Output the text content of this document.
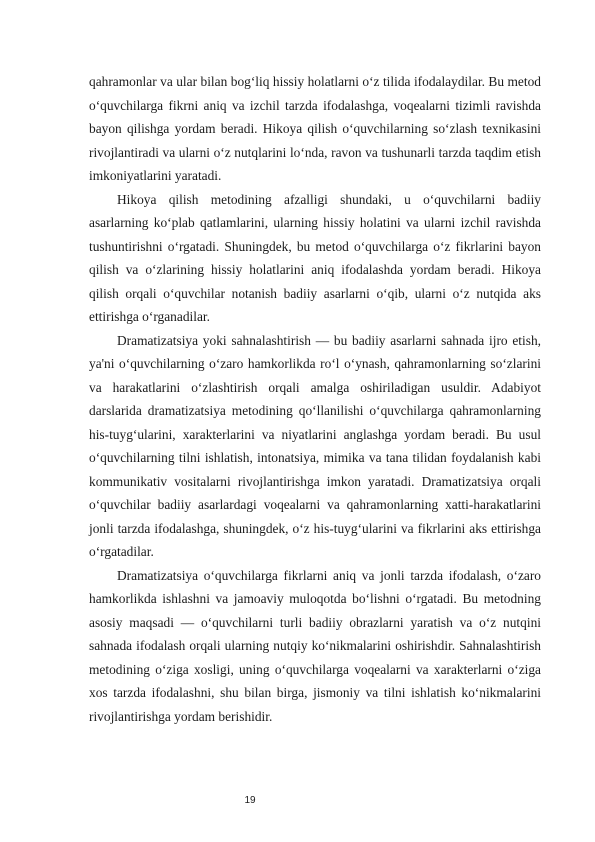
qahramonlar va ular bilan bog‘liq hissiy holatlarni o‘z tilida ifodalaydilar. Bu metod o‘quvchilarga fikrni aniq va izchil tarzda ifodalashga, voqealarni tizimli ravishda bayon qilishga yordam beradi. Hikoya qilish o‘quvchilarning so‘zlash texnikasini rivojlantiradi va ularni o‘z nutqlarini lo‘nda, ravon va tushunarli tarzda taqdim etish imkoniyatlarini yaratadi.

Hikoya qilish metodining afzalligi shundaki, u o‘quvchilarni badiiy asarlarning ko‘plab qatlamlarini, ularning hissiy holatini va ularni izchil ravishda tushuntirishni o‘rgatadi. Shuningdek, bu metod o‘quvchilarga o‘z fikrlarini bayon qilish va o‘zlarining hissiy holatlarini aniq ifodalashda yordam beradi. Hikoya qilish orqali o‘quvchilar notanish badiiy asarlarni o‘qib, ularni o‘z nutqida aks ettirishga o‘rganadilar.

Dramatizatsiya yoki sahnalashtirish — bu badiiy asarlarni sahnada ijro etish, ya'ni o‘quvchilarning o‘zaro hamkorlikda ro‘l o‘ynash, qahramonlarning so‘zlarini va harakatlarini o‘zlashtirish orqali amalga oshiriladigan usuldir. Adabiyot darslarida dramatizatsiya metodining qo‘llanilishi o‘quvchilarga qahramonlarning his-tuyg‘ularini, xarakterlarini va niyatlarini anglashga yordam beradi. Bu usul o‘quvchilarning tilni ishlatish, intonatsiya, mimika va tana tilidan foydalanish kabi kommunikativ vositalarni rivojlantirishga imkon yaratadi. Dramatizatsiya orqali o‘quvchilar badiiy asarlardagi voqealarni va qahramonlarning xatti-harakatlarini jonli tarzda ifodalashga, shuningdek, o‘z his-tuyg‘ularini va fikrlarini aks ettirishga o‘rgatadilar.

Dramatizatsiya o‘quvchilarga fikrlarni aniq va jonli tarzda ifodalash, o‘zaro hamkorlikda ishlashni va jamoaviy muloqotda bo‘lishni o‘rgatadi. Bu metodning asosiy maqsadi — o‘quvchilarni turli badiiy obrazlarni yaratish va o‘z nutqini sahnada ifodalash orqali ularning nutqiy ko‘nikmalarini oshirishdir. Sahnalashtirish metodining o‘ziga xosligi, uning o‘quvchilarga voqealarni va xarakterlarni o‘ziga xos tarzda ifodalashni, shu bilan birga, jismoniy va tilni ishlatish ko‘nikmalarini rivojlantirishga yordam berishidir.

19
